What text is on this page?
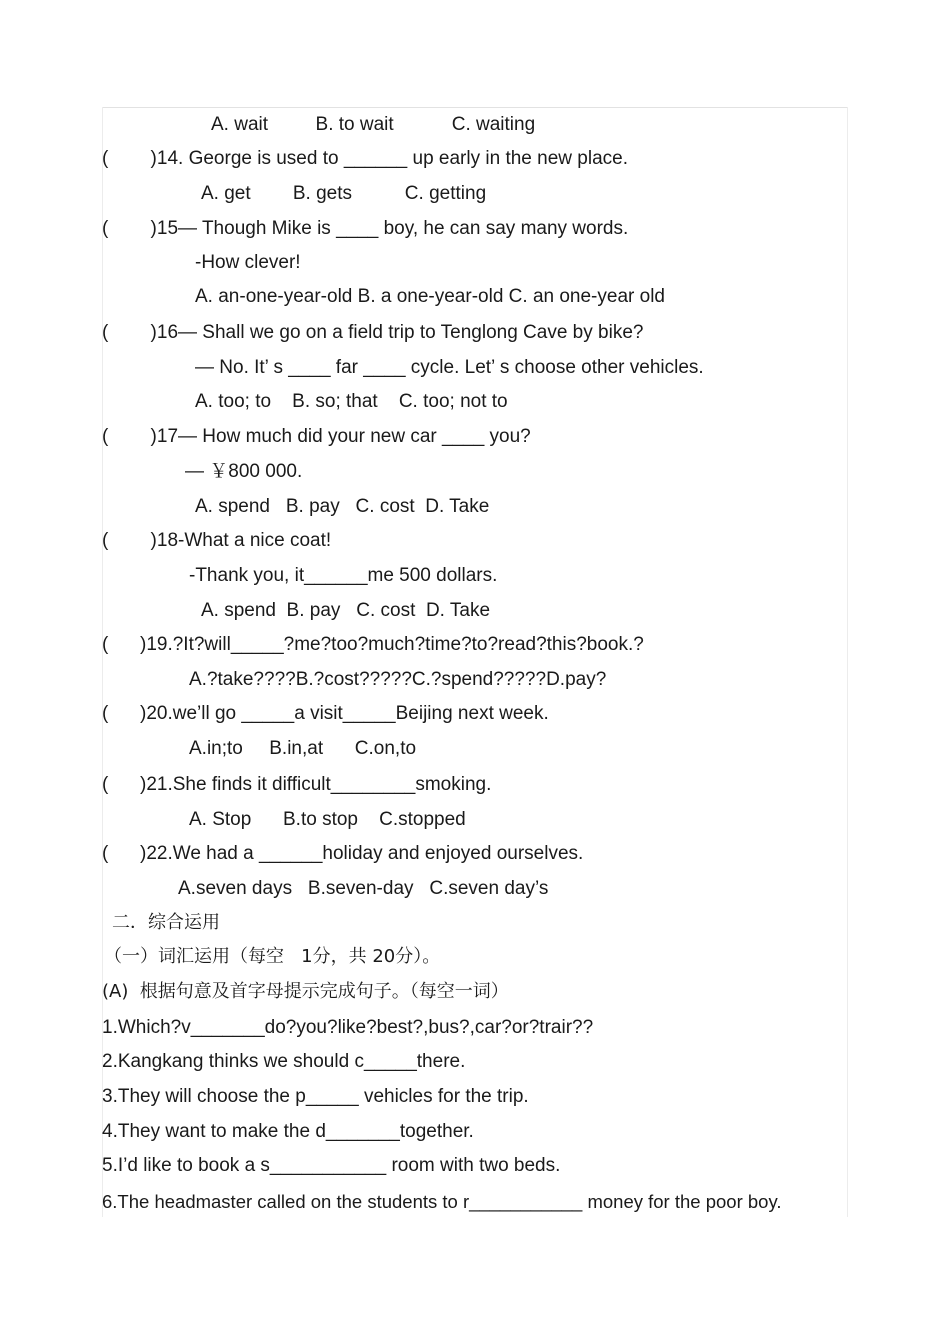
A. wait         B. to wait           C. waiting
(        )14. George is used to ______ up early in the new place.
A. get        B. gets          C. getting
(        )15— Though Mike is ____ boy, he can say many words.
-How clever!
A. an-one-year-old B. a one-year-old C. an one-year old
(        )16— Shall we go on a field trip to Tenglong Cave by bike?
— No. It’ s ____ far ____ cycle. Let’ s choose other vehicles.
A. too; to    B. so; that    C. too; not to
(        )17— How much did your new car ____ you?
— ￥800 000.
A. spend   B. pay   C. cost  D. Take
(        )18-What a nice coat!
-Thank you, it______me 500 dollars.
A. spend  B. pay   C. cost  D. Take
(      )19.?It?will_____?me?too?much?time?to?read?this?book.?
A.?take????B.?cost?????C.?spend?????D.pay?
(      )20.we’ll go _____a visit_____Beijing next week.
A.in;to     B.in,at      C.on,to
(      )21.She finds it difficult________smoking.
A. Stop      B.to stop    C.stopped
(      )22.We had a ______holiday and enjoyed ourselves.
A.seven days   B.seven-day   C.seven day’s
二．综合运用
（一）词汇运用（每空   1分，共 20分）。
(A)  根据句意及首字母提示完成句子。（每空一词）
1.Which?v_______do?you?like?best?,bus?,car?or?trair??
2.Kangkang thinks we should c_____there.
3.They will choose the p_____ vehicles for the trip.
4.They want to make the d_______together.
5.I’d like to book a s___________ room with two beds.
6.The headmaster called on the students to r___________ money for the poor boy.
